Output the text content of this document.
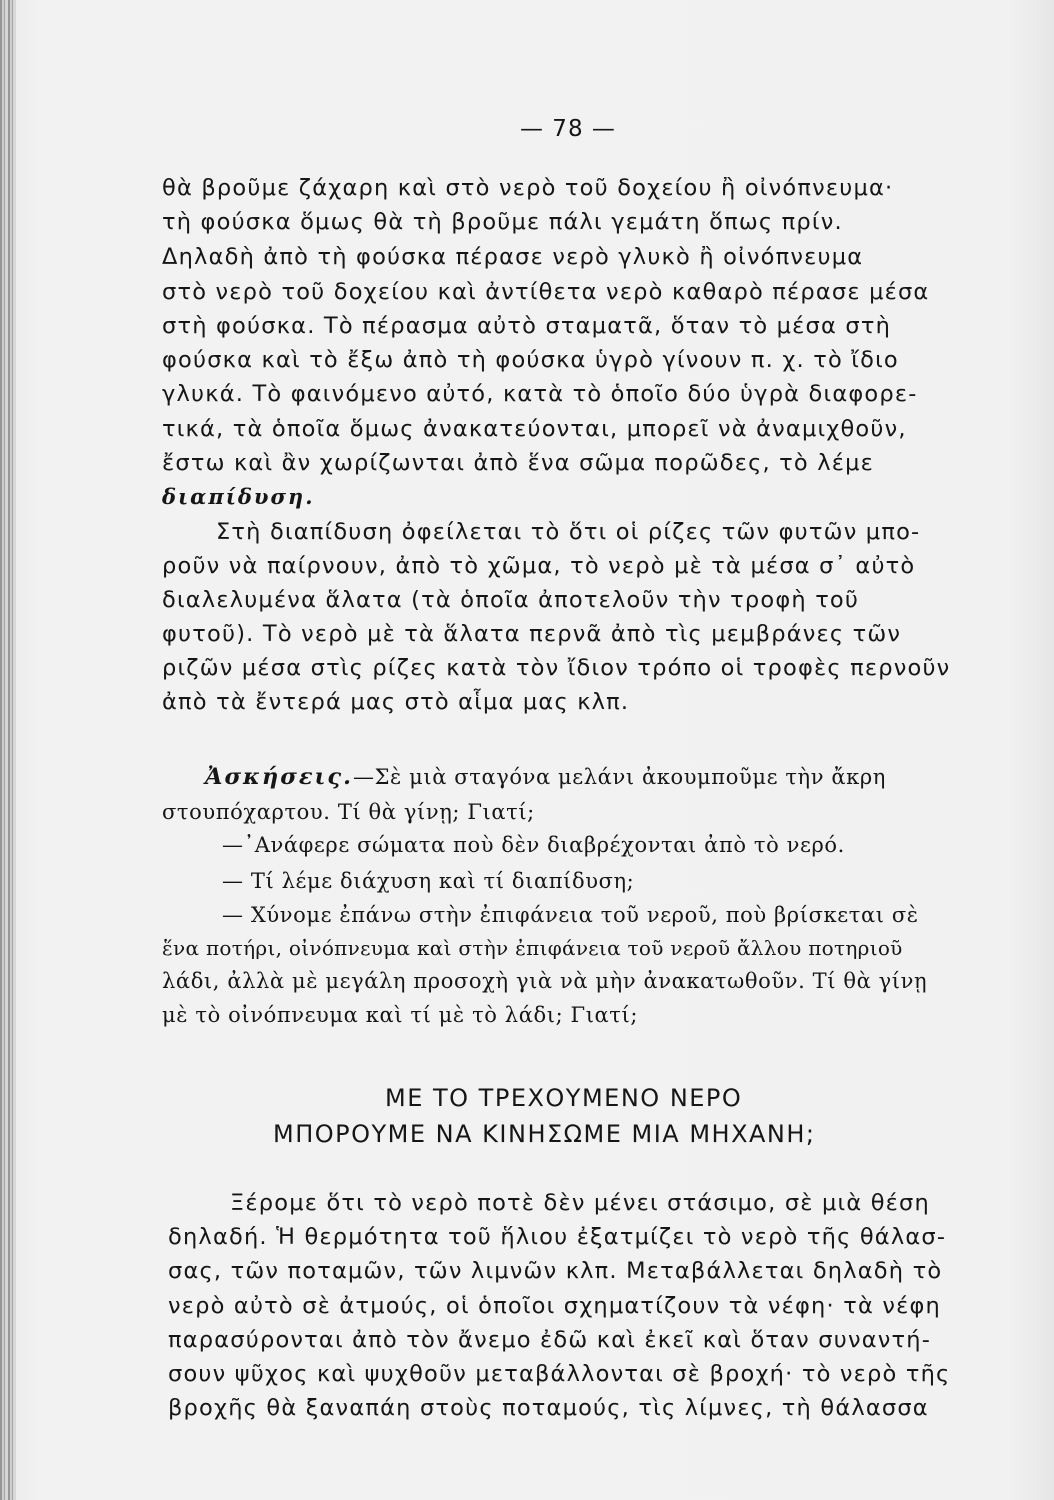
— 78 —
θὰ βροῦμε ζάχαρη καὶ στὸ νερὸ τοῦ δοχείου ἢ οἰνόπνευμα·
τὴ φούσκα ὅμως θὰ τὴ βροῦμε πάλι γεμάτη ὅπως πρίν.
Δηλαδὴ ἀπὸ τὴ φούσκα πέρασε νερὸ γλυκὸ ἢ οἰνόπνευμα
στὸ νερὸ τοῦ δοχείου καὶ ἀντίθετα νερὸ καθαρὸ πέρασε μέσα
στὴ φούσκα. Τὸ πέρασμα αὐτὸ σταματᾶ, ὅταν τὸ μέσα στὴ
φούσκα καὶ τὸ ἔξω ἀπὸ τὴ φούσκα ὑγρὸ γίνουν π. χ. τὸ ἴδιο
γλυκά. Τὸ φαινόμενο αὐτό, κατὰ τὸ ὁποῖο δύο ὑγρὰ διαφορε-
τικά, τὰ ὁποῖα ὅμως ἀνακατεύονται, μπορεῖ νὰ ἀναμιχθοῦν,
ἔστω καὶ ἂν χωρίζωνται ἀπὸ ἕνα σῶμα πορῶδες, τὸ λέμε
διαπίδυση.
Στὴ διαπίδυση ὀφείλεται τὸ ὅτι οἱ ρίζες τῶν φυτῶν μπο-
ροῦν νὰ παίρνουν, ἀπὸ τὸ χῶμα, τὸ νερὸ μὲ τὰ μέσα σ᾿ αὐτὸ
διαλελυμένα ἅλατα (τὰ ὁποῖα ἀποτελοῦν τὴν τροφὴ τοῦ
φυτοῦ). Τὸ νερὸ μὲ τὰ ἅλατα περνᾶ ἀπὸ τὶς μεμβράνες τῶν
ριζῶν μέσα στὶς ρίζες κατὰ τὸν ἴδιον τρόπο οἱ τροφὲς περνοῦν
ἀπὸ τὰ ἔντερά μας στὸ αἷμα μας κλπ.
Ἀσκήσεις.—Σὲ μιὰ σταγόνα μελάνι ἀκουμποῦμε τὴν ἄκρη
στουπόχαρτου. Τί θὰ γίνῃ; Γιατί;
—᾿Ανάφερε σώματα ποὺ δὲν διαβρέχονται ἀπὸ τὸ νερό.
— Τί λέμε διάχυση καὶ τί διαπίδυση;
— Χύνομε ἐπάνω στὴν ἐπιφάνεια τοῦ νεροῦ, ποὺ βρίσκεται σὲ
ἕνα ποτήρι, οἰνόπνευμα καὶ στὴν ἐπιφάνεια τοῦ νεροῦ ἄλλου ποτηριοῦ
λάδι, ἀλλὰ μὲ μεγάλη προσοχὴ γιὰ νὰ μὴν ἀνακατωθοῦν. Τί θὰ γίνῃ
μὲ τὸ οἰνόπνευμα καὶ τί μὲ τὸ λάδι; Γιατί;
ΜΕ ΤΟ ΤΡΕΧΟΥΜΕΝΟ ΝΕΡΟ
ΜΠΟΡΟΥΜΕ ΝΑ ΚΙΝΗΣΩΜΕ ΜΙΑ ΜΗΧΑΝΗ;
Ξέρομε ὅτι τὸ νερὸ ποτὲ δὲν μένει στάσιμο, σὲ μιὰ θέση
δηλαδή. Ἡ θερμότητα τοῦ ἥλιου ἐξατμίζει τὸ νερὸ τῆς θάλασ-
σας, τῶν ποταμῶν, τῶν λιμνῶν κλπ. Μεταβάλλεται δηλαδὴ τὸ
νερὸ αὐτὸ σὲ ἀτμούς, οἱ ὁποῖοι σχηματίζουν τὰ νέφη· τὰ νέφη
παρασύρονται ἀπὸ τὸν ἄνεμο ἐδῶ καὶ ἐκεῖ καὶ ὅταν συναντή-
σουν ψῦχος καὶ ψυχθοῦν μεταβάλλονται σὲ βροχή· τὸ νερὸ τῆς
βροχῆς θὰ ξαναπάη στοὺς ποταμούς, τὶς λίμνες, τὴ θάλασσα
